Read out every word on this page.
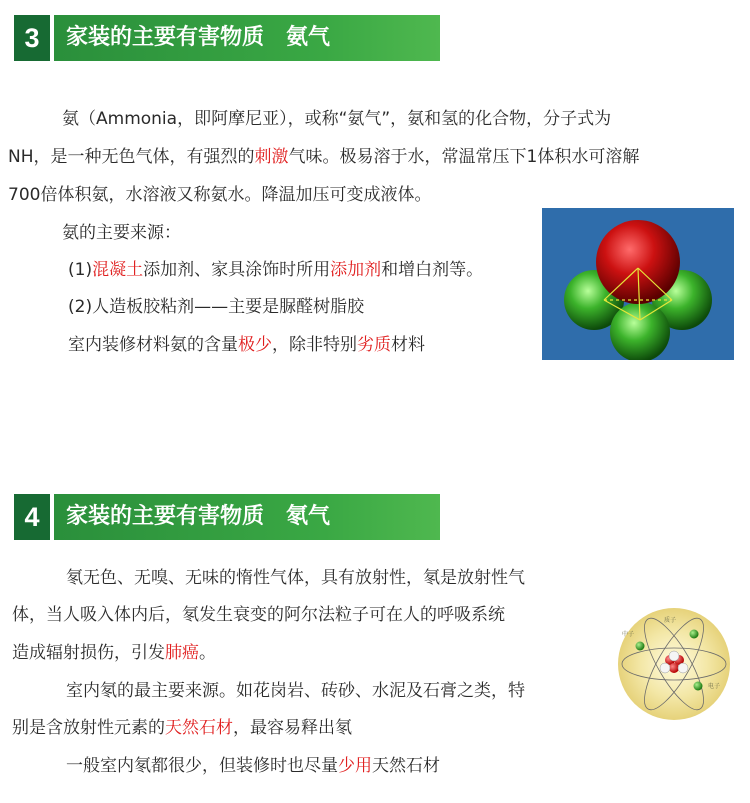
3	家装的主要有害物质 氨气
氨（Ammonia，即阿摩尼亚），或称“氨气”，氨和氢的化合物，分子式为
NH，是一种无色气体，有强烈的刺激气味。极易溶于水，常温常压下1体积水可溶解
700倍体积氨，水溶液又称氨水。降温加压可变成液体。
氨的主要来源：
(1)混凝土添加剂、家具涂饰时所用添加剂和增白剂等。
(2)人造板胶粘剂——主要是脲醛树脂胶
室内装修材料氨的含量极少，除非特别劣质材料
4	家装的主要有害物质 氡气
氡无色、无嗅、无味的惰性气体，具有放射性，氡是放射性气
体，当人吸入体内后，氡发生衰变的阿尔法粒子可在人的呼吸系统
造成辐射损伤，引发肺癌。
室内氡的最主要来源。如花岗岩、砖砂、水泥及石膏之类，特
别是含放射性元素的天然石材，最容易释出氡
一般室内氡都很少，但装修时也尽量少用天然石材
质子
中子
电子
